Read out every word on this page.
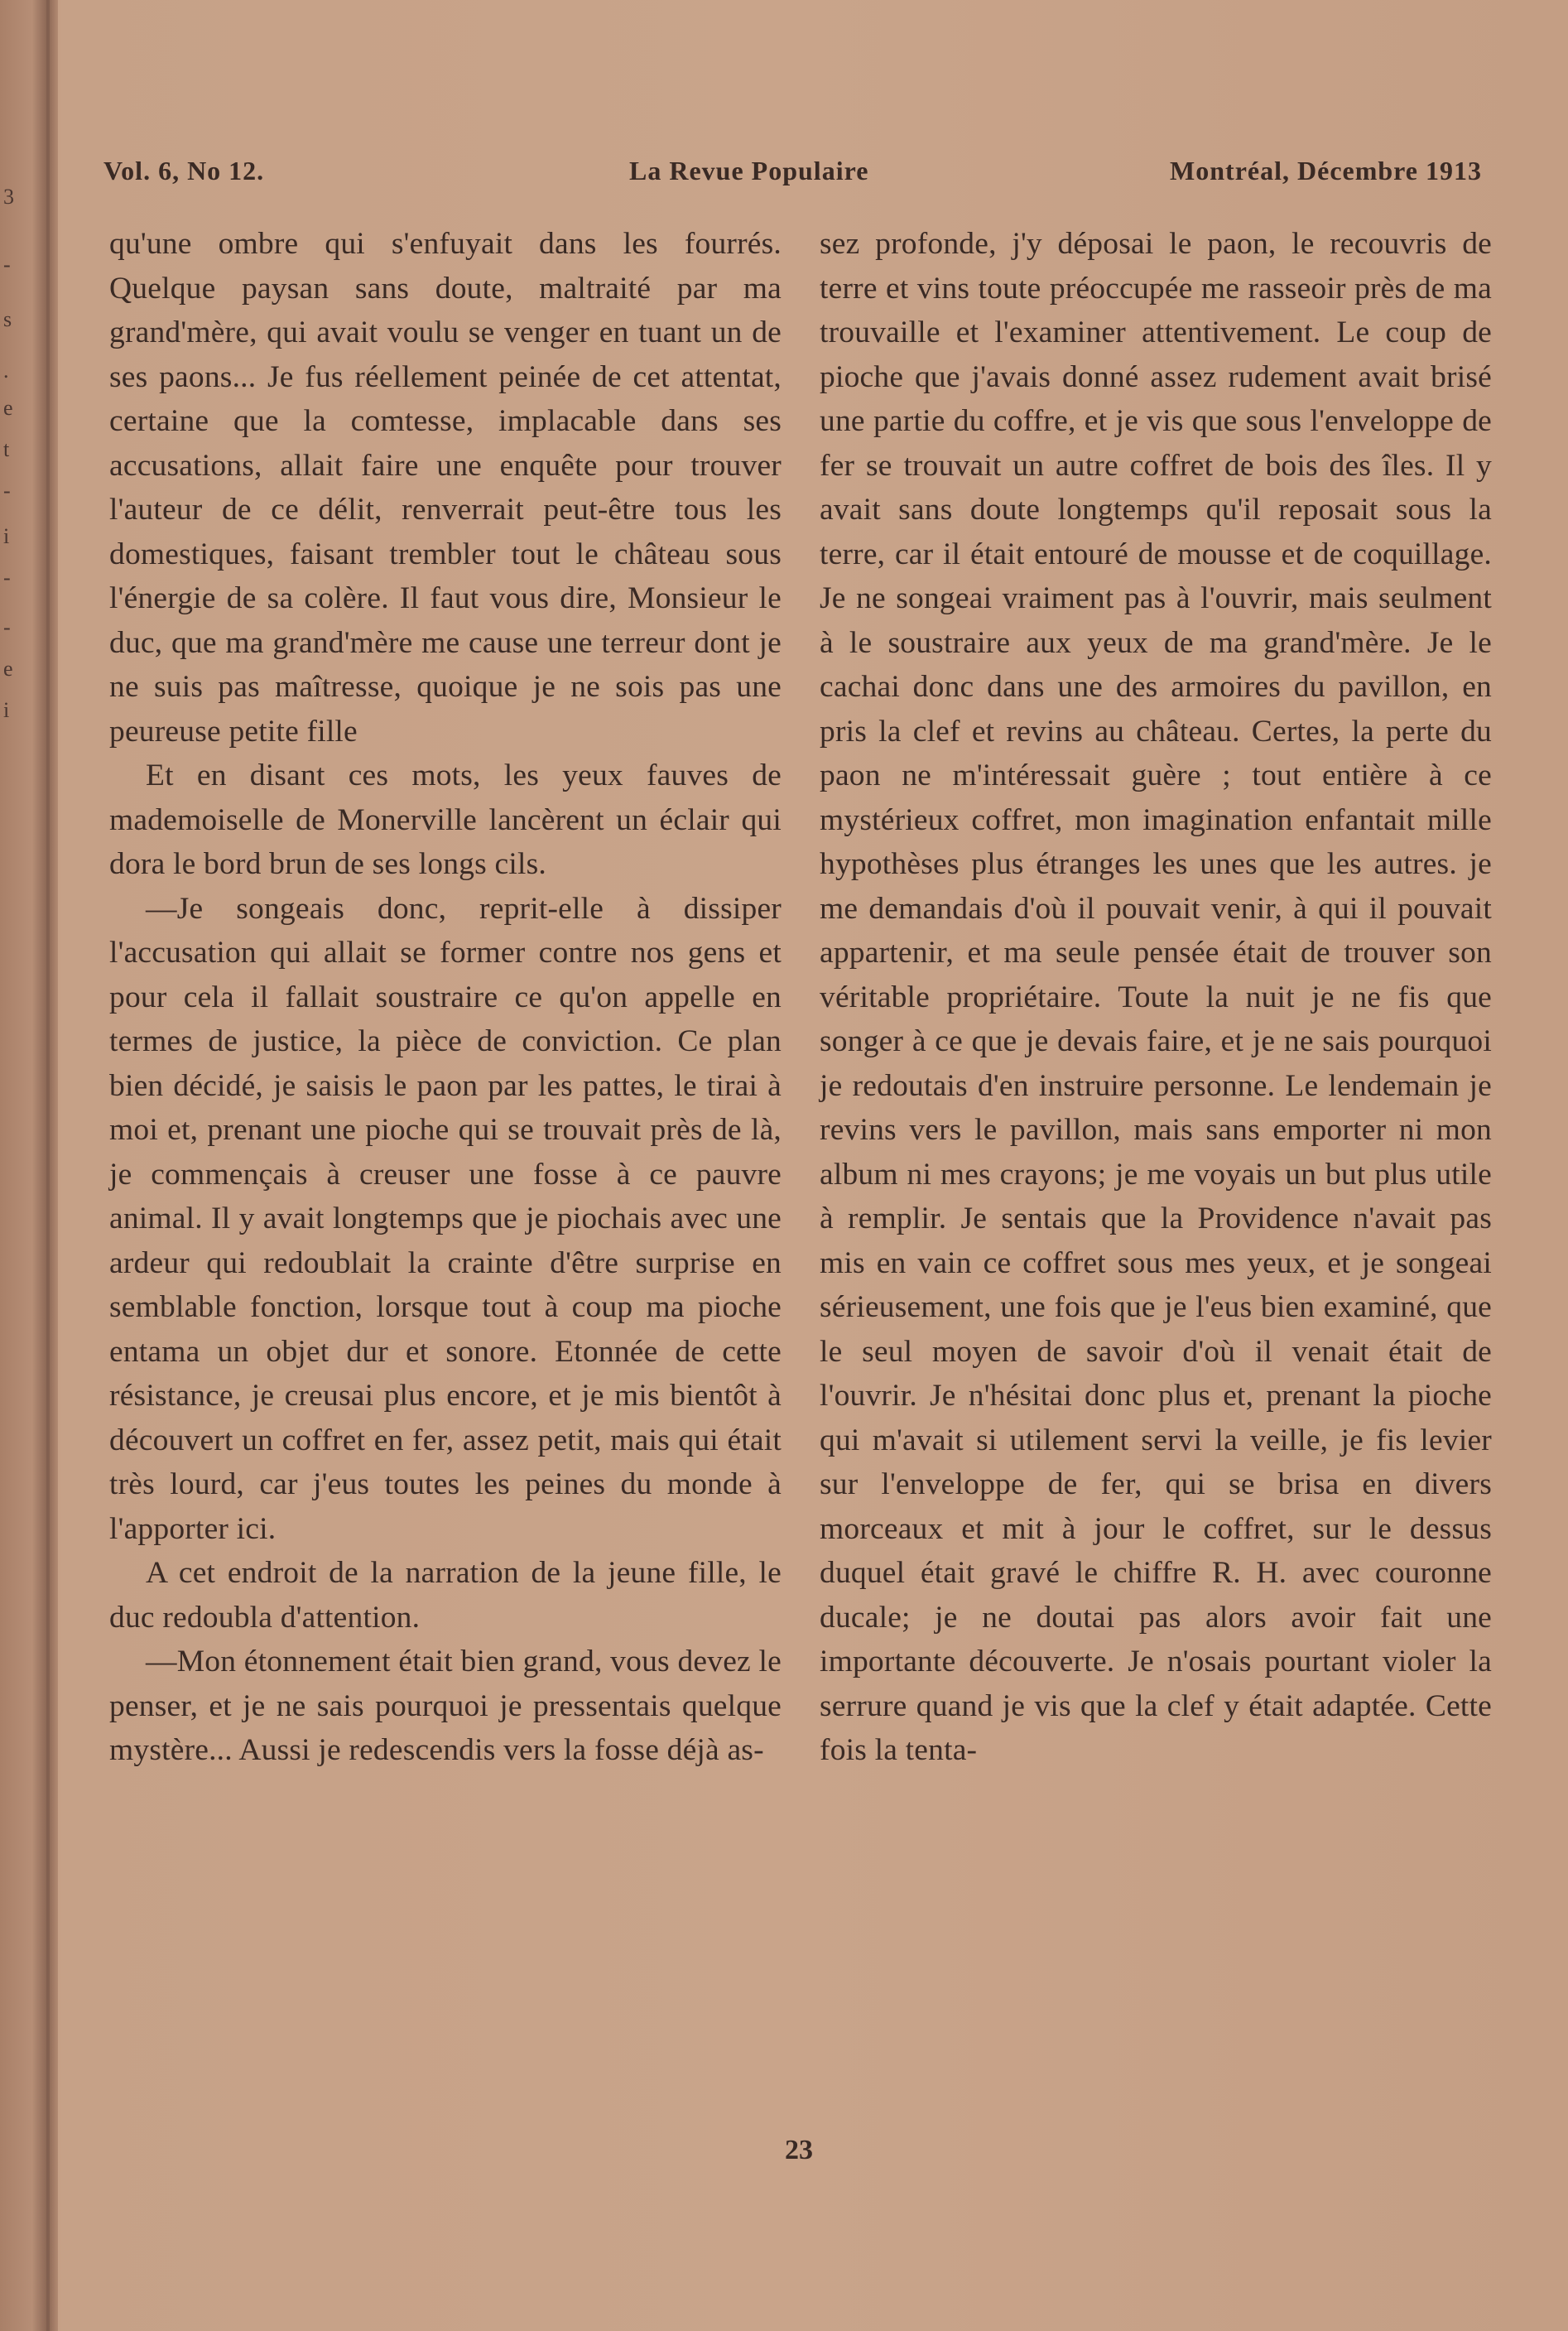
3
-
s
.
e
t
-
i
-
-
e
i
Vol. 6, No 12.	La Revue Populaire	Montréal, Décembre 1913

qu'une ombre qui s'enfuyait dans les fourrés. Quelque paysan sans doute, maltraité par ma grand'mère, qui avait voulu se venger en tuant un de ses paons... Je fus réellement peinée de cet attentat, certaine que la comtesse, implacable dans ses accusations, allait faire une enquête pour trouver l'auteur de ce délit, renverrait peut-être tous les domestiques, faisant trembler tout le château sous l'énergie de sa colère. Il faut vous dire, Monsieur le duc, que ma grand'mère me cause une terreur dont je ne suis pas maîtresse, quoique je ne sois pas une peureuse petite fille

Et en disant ces mots, les yeux fauves de mademoiselle de Monerville lancèrent un éclair qui dora le bord brun de ses longs cils.

—Je songeais donc, reprit-elle à dissiper l'accusation qui allait se former contre nos gens et pour cela il fallait soustraire ce qu'on appelle en termes de justice, la pièce de conviction. Ce plan bien décidé, je saisis le paon par les pattes, le tirai à moi et, prenant une pioche qui se trouvait près de là, je commençais à creuser une fosse à ce pauvre animal. Il y avait longtemps que je piochais avec une ardeur qui redoublait la crainte d'être surprise en semblable fonction, lorsque tout à coup ma pioche entama un objet dur et sonore. Etonnée de cette résistance, je creusai plus encore, et je mis bientôt à découvert un coffret en fer, assez petit, mais qui était très lourd, car j'eus toutes les peines du monde à l'apporter ici.

A cet endroit de la narration de la jeune fille, le duc redoubla d'attention.

—Mon étonnement était bien grand, vous devez le penser, et je ne sais pourquoi je pressentais quelque mystère... Aussi je redescendis vers la fosse déjà as-

sez profonde, j'y déposai le paon, le recouvris de terre et vins toute préoccupée me rasseoir près de ma trouvaille et l'examiner attentivement. Le coup de pioche que j'avais donné assez rudement avait brisé une partie du coffre, et je vis que sous l'enveloppe de fer se trouvait un autre coffret de bois des îles. Il y avait sans doute longtemps qu'il reposait sous la terre, car il était entouré de mousse et de coquillage. Je ne songeai vraiment pas à l'ouvrir, mais seulment à le soustraire aux yeux de ma grand'mère. Je le cachai donc dans une des armoires du pavillon, en pris la clef et revins au château. Certes, la perte du paon ne m'intéressait guère ; tout entière à ce mystérieux coffret, mon imagination enfantait mille hypothèses plus étranges les unes que les autres. je me demandais d'où il pouvait venir, à qui il pouvait appartenir, et ma seule pensée était de trouver son véritable propriétaire. Toute la nuit je ne fis que songer à ce que je devais faire, et je ne sais pourquoi je redoutais d'en instruire personne. Le lendemain je revins vers le pavillon, mais sans emporter ni mon album ni mes crayons; je me voyais un but plus utile à remplir. Je sentais que la Providence n'avait pas mis en vain ce coffret sous mes yeux, et je songeai sérieusement, une fois que je l'eus bien examiné, que le seul moyen de savoir d'où il venait était de l'ouvrir. Je n'hésitai donc plus et, prenant la pioche qui m'avait si utilement servi la veille, je fis levier sur l'enveloppe de fer, qui se brisa en divers morceaux et mit à jour le coffret, sur le dessus duquel était gravé le chiffre R. H. avec couronne ducale; je ne doutai pas alors avoir fait une importante découverte. Je n'osais pourtant violer la serrure quand je vis que la clef y était adaptée. Cette fois la tenta-

23
